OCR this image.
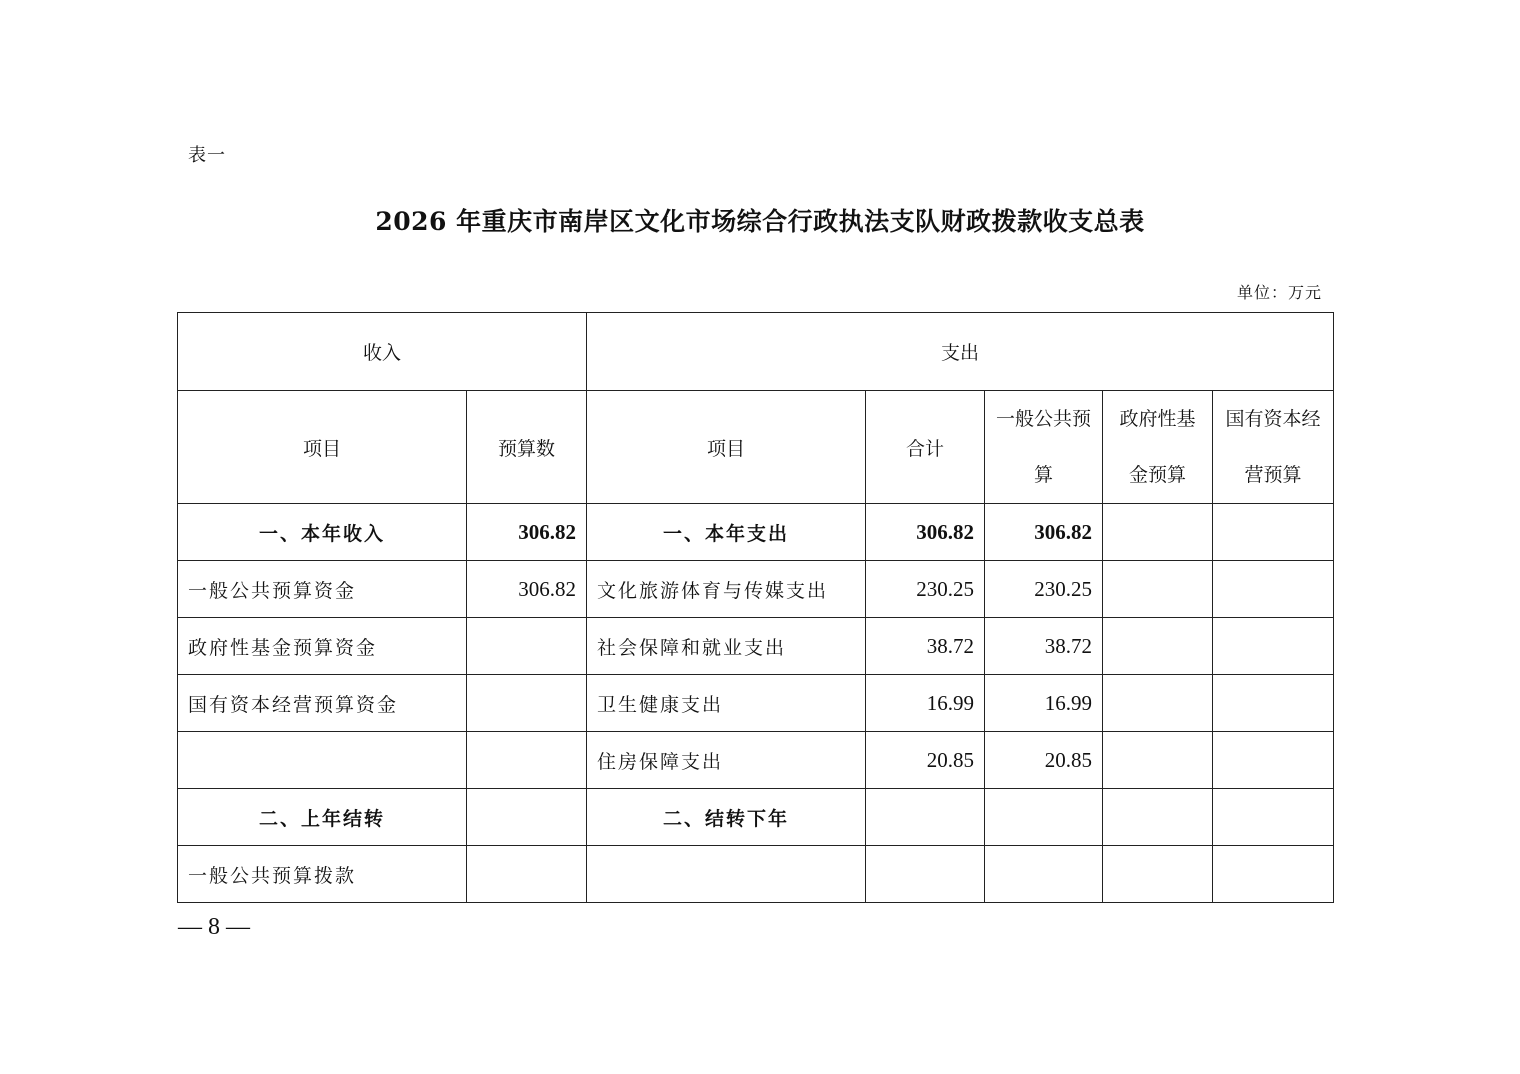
表一
2026 年重庆市南岸区文化市场综合行政执法支队财政拨款收支总表
单位：万元
收入		支出				
项目	预算数	项目	合计	一般公共预算	政府性基金预算	国有资本经营预算
一、本年收入	306.82	一、本年支出	306.82	306.82		
一般公共预算资金	306.82	文化旅游体育与传媒支出	230.25	230.25		
政府性基金预算资金		社会保障和就业支出	38.72	38.72		
国有资本经营预算资金		卫生健康支出	16.99	16.99		
		住房保障支出	20.85	20.85		
二、上年结转		二、结转下年				
一般公共预算拨款						
— 8 —
